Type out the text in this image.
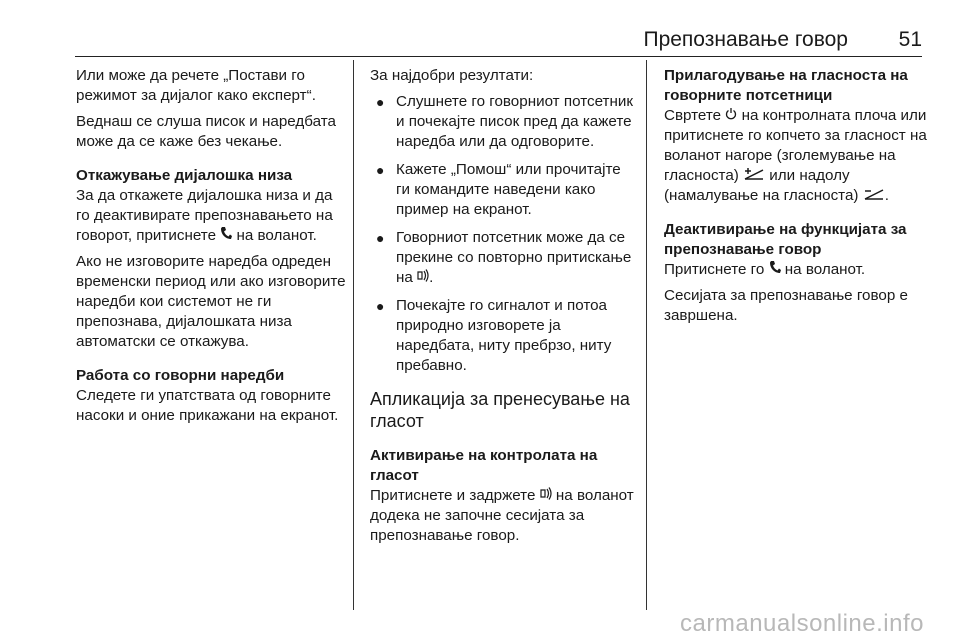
Препознавање говор 51

Или може да речете „Постави го режимот за дијалог како експерт“.

Веднаш се слуша писок и наредбата може да се каже без чекање.

Откажување дијалошка низа

За да откажете дијалошка низа и да го деактивирате препознавањето на говорот, притиснете на воланот.

Ако не изговорите наредба одреден временски период или ако изговорите наредби кои системот не ги препознава, дијалошката низа автоматски се откажува.

Работа со говорни наредби

Следете ги упатствата од говорните насоки и оние прикажани на екранот.

За најдобри резултати:

● Слушнете го говорниот потсетник и почекајте писок пред да кажете наредба или да одговорите.
● Кажете „Помош“ или прочитајте ги командите наведени како пример на екранот.
● Говорниот потсетник може да се прекине со повторно притискање на .
● Почекајте го сигналот и потоа природно изговорете ја наредбата, ниту пребрзо, ниту пребавно.
Апликација за пренесување на гласот
Активирање на контролата на гласот

Притиснете и задржете на воланот додека не започне сесијата за препознавање говор.

Прилагодување на гласноста на говорните потсетници

Свртете на контролната плоча или притиснете го копчето за гласност на воланот нагоре (зголемување на гласноста) или надолу (намалување на гласноста) .

Деактивирање на функцијата за препознавање говор

Притиснете го на воланот.

Сесијата за препознавање говор е завршена.

carmanualsonline.info
